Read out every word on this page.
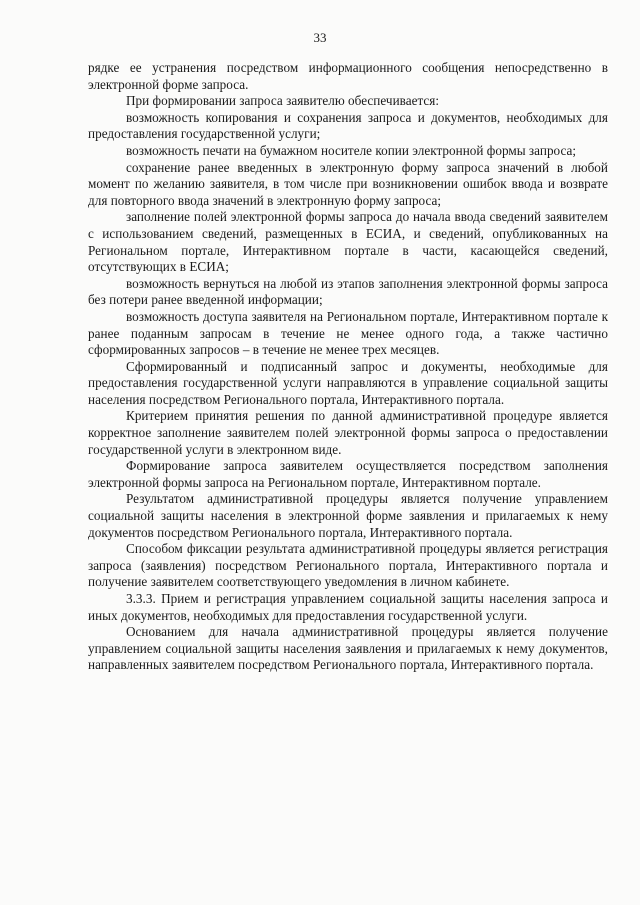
33

рядке ее устранения посредством информационного сообщения непосредственно в электронной форме запроса.

При формировании запроса заявителю обеспечивается:

возможность копирования и сохранения запроса и документов, необходимых для предоставления государственной услуги;

возможность печати на бумажном носителе копии электронной формы запроса;

сохранение ранее введенных в электронную форму запроса значений в любой момент по желанию заявителя, в том числе при возникновении ошибок ввода и возврате для повторного ввода значений в электронную форму запроса;

заполнение полей электронной формы запроса до начала ввода сведений заявителем с использованием сведений, размещенных в ЕСИА, и сведений, опубликованных на Региональном портале, Интерактивном портале в части, касающейся сведений, отсутствующих в ЕСИА;

возможность вернуться на любой из этапов заполнения электронной формы запроса без потери ранее введенной информации;

возможность доступа заявителя на Региональном портале, Интерактивном портале к ранее поданным запросам в течение не менее одного года, а также частично сформированных запросов – в течение не менее трех месяцев.

Сформированный и подписанный запрос и документы, необходимые для предоставления государственной услуги направляются в управление социальной защиты населения посредством Регионального портала, Интерактивного портала.

Критерием принятия решения по данной административной процедуре является корректное заполнение заявителем полей электронной формы запроса о предоставлении государственной услуги в электронном виде.

Формирование запроса заявителем осуществляется посредством заполнения электронной формы запроса на Региональном портале, Интерактивном портале.

Результатом административной процедуры является получение управлением социальной защиты населения в электронной форме заявления и прилагаемых к нему документов посредством Регионального портала, Интерактивного портала.

Способом фиксации результата административной процедуры является регистрация запроса (заявления) посредством Регионального портала, Интерактивного портала и получение заявителем соответствующего уведомления в личном кабинете.

3.3.3. Прием и регистрация управлением социальной защиты населения запроса и иных документов, необходимых для предоставления государственной услуги.

Основанием для начала административной процедуры является получение управлением социальной защиты населения заявления и прилагаемых к нему документов, направленных заявителем посредством Регионального портала, Интерактивного портала.
